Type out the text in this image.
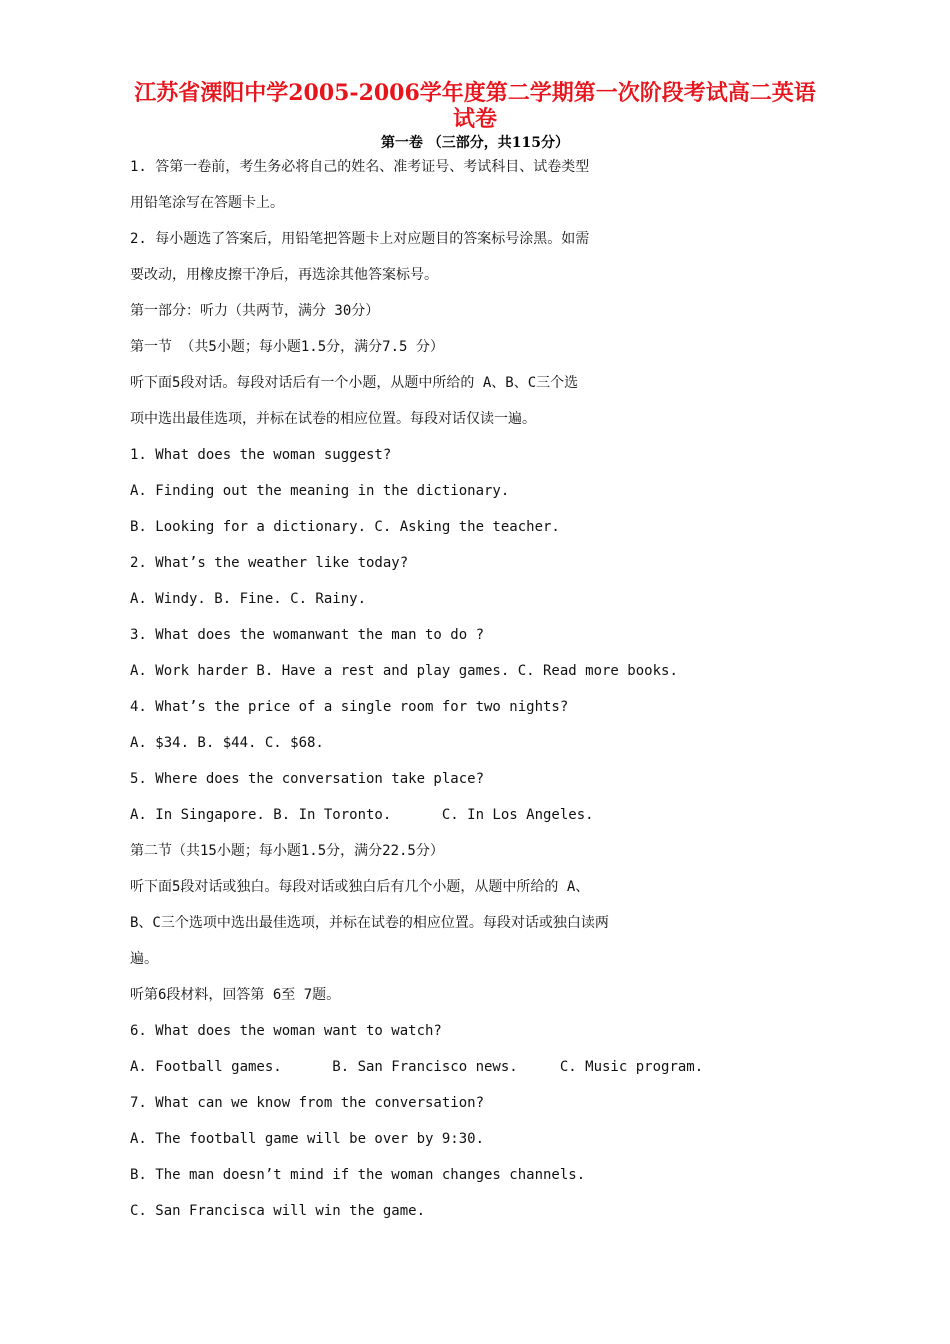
江苏省溧阳中学2005-2006学年度第二学期第一次阶段考试高二英语
试卷
第一卷 （三部分，共115分）
1. 答第一卷前，考生务必将自己的姓名、准考证号、考试科目、试卷类型
用铅笔涂写在答题卡上。
2. 每小题选了答案后，用铅笔把答题卡上对应题目的答案标号涂黑。如需
要改动，用橡皮擦干净后，再选涂其他答案标号。
第一部分：听力（共两节，满分 30分）
第一节 （共5小题；每小题1.5分，满分7.5 分）
听下面5段对话。每段对话后有一个小题，从题中所给的 A、B、C三个选
项中选出最佳选项，并标在试卷的相应位置。每段对话仅读一遍。
1. What does the woman suggest?
A. Finding out the meaning in the dictionary.
B. Looking for a dictionary. C. Asking the teacher.
2. What’s the weather like today?
A. Windy. B. Fine. C. Rainy.
3. What does the womanwant the man to do ?
A. Work harder B. Have a rest and play games. C. Read more books.
4. What’s the price of a single room for two nights?
A. $34. B. $44. C. $68.
5. Where does the conversation take place?
A. In Singapore. B. In Toronto.      C. In Los Angeles.
第二节（共15小题；每小题1.5分，满分22.5分）
听下面5段对话或独白。每段对话或独白后有几个小题，从题中所给的 A、
B、C三个选项中选出最佳选项，并标在试卷的相应位置。每段对话或独白读两
遍。
听第6段材料，回答第 6至 7题。
6. What does the woman want to watch?
A. Football games.      B. San Francisco news.     C. Music program.
7. What can we know from the conversation?
A. The football game will be over by 9:30.
B. The man doesn’t mind if the woman changes channels.
C. San Francisca will win the game.
